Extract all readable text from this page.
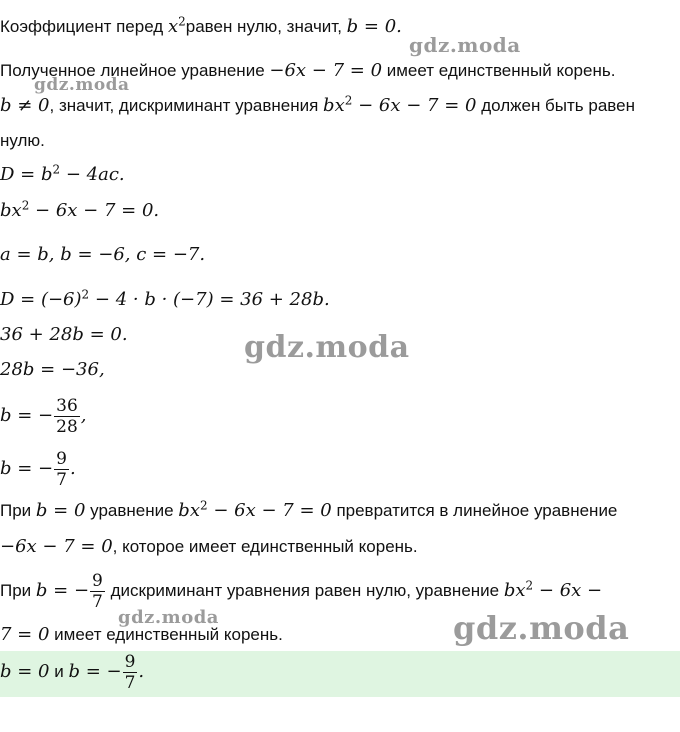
gdz.moda
gdz.moda
gdz.moda
gdz.moda	gdz.moda
Коэффициент перед $x^2равен$ нулю, значит, b = 0.
Полученное линейное уравнение −6x − 7 = 0 имеет единственный корень.
b ≠ 0, значит, дискриминант уравнения $bx^2 - 6x - 7 = 0$ должен быть равен
нулю.
$D = b^2 - 4ac$.
$bx^2 - 6x - 7 = 0$.
a = b, b = −6, c = −7.
$D = (-6)^2 - 4 \cdot b \cdot (-7) = 36 + 28b$.
36 + 28b = 0.
28b = −36,
b = − $\frac{36}{28}$ ,
b = − $\frac{9}{7}$ .
При b = 0 уравнение $bx^2 - 6x - 7 = 0$ превратится в линейное уравнение
−6x − 7 = 0, которое имеет единственный корень.
При b = − $\frac{9}{7}$ дискриминант уравнения равен нулю, уравнение $bx^2 - 6x$ −
7 = 0 имеет единственный корень.
b = 0 и b = − $\frac{9}{7}$ .
